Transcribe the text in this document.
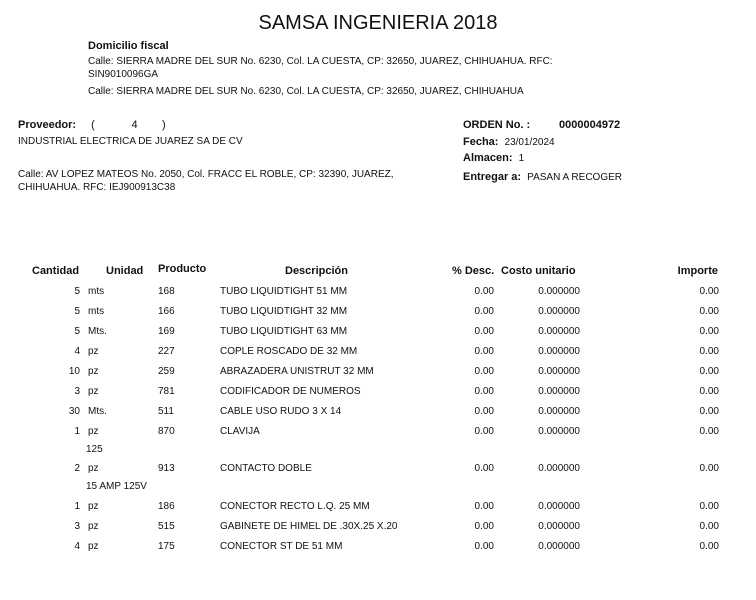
SAMSA INGENIERIA 2018
Domicilio fiscal
Calle: SIERRA MADRE DEL SUR No. 6230, Col. LA CUESTA, CP: 32650, JUAREZ, CHIHUAHUA. RFC:
SIN9010096GA
Calle: SIERRA MADRE DEL SUR No. 6230, Col. LA CUESTA, CP: 32650, JUAREZ, CHIHUAHUA
Proveedor: (            4        )
INDUSTRIAL ELECTRICA DE JUAREZ SA DE CV
Calle: AV LOPEZ MATEOS No. 2050, Col. FRACC EL ROBLE, CP: 32390, JUAREZ,
CHIHUAHUA. RFC: IEJ900913C38
ORDEN No. :	0000004972
Fecha: 23/01/2024
Almacen: 1
Entregar a: PASAN A RECOGER
Cantidad Unidad Producto	Descripción	% Desc. Costo unitario	Importe
5 mts	168	TUBO LIQUIDTIGHT 51 MM	0.00	0.000000	0.00
5 mts	166	TUBO LIQUIDTIGHT 32 MM	0.00	0.000000	0.00
5 Mts.	169	TUBO LIQUIDTIGHT 63 MM	0.00	0.000000	0.00
4 pz	227	COPLE ROSCADO DE 32 MM	0.00	0.000000	0.00
10 pz	259	ABRAZADERA UNISTRUT 32 MM	0.00	0.000000	0.00
3 pz	781	CODIFICADOR DE NUMEROS	0.00	0.000000	0.00
30 Mts.	511	CABLE USO RUDO 3 X 14	0.00	0.000000	0.00
1 pz	870	CLAVIJA	0.00	0.000000	0.00
125
2 pz	913	CONTACTO DOBLE	0.00	0.000000	0.00
15 AMP 125V
1 pz	186	CONECTOR RECTO L.Q. 25 MM	0.00	0.000000	0.00
3 pz	515	GABINETE DE HIMEL DE .30X.25 X.20	0.00	0.000000	0.00
4 pz	175	CONECTOR ST DE 51 MM	0.00	0.000000	0.00
